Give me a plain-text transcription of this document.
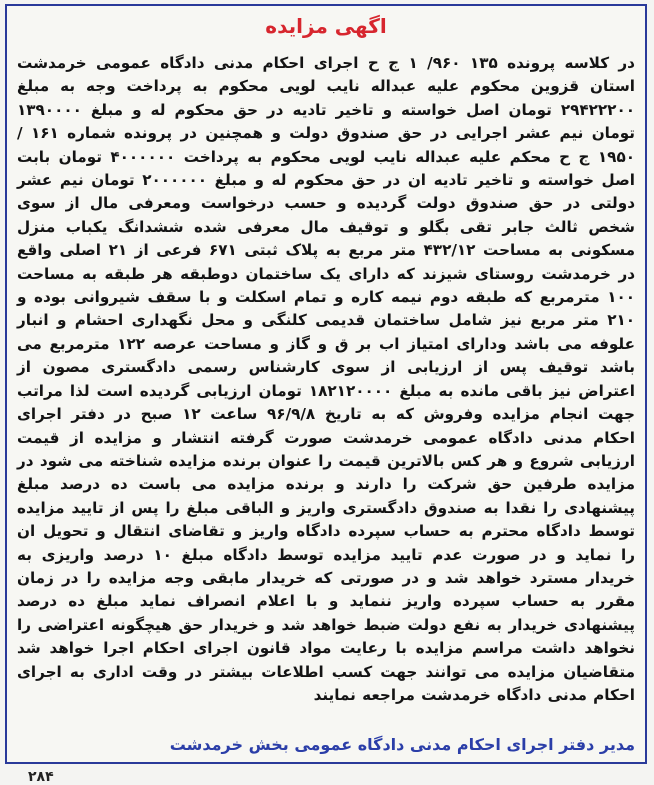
اگهی مزایده
در کلاسه پرونده ۱۳۵ ۹۶۰/ ۱ ج ح اجرای احکام مدنی دادگاه عمومی خرمدشت استان قزوین محکوم علیه عبداله نایب لویی محکوم به پرداخت وجه به مبلغ ۲۹۴۲۲۲۰۰ تومان اصل خواسته و تاخیر تادیه در حق محکوم له و مبلغ ۱۳۹۰۰۰۰ تومان نیم عشر اجرایی در حق صندوق دولت و همچنین در پرونده شماره ۱۶۱ /۱۹۵۰ ج ح محکم علیه عبداله نایب لویی محکوم به پرداخت ۴۰۰۰۰۰۰ تومان بابت اصل خواسته و تاخیر تادیه ان در حق محکوم له و مبلغ ۲۰۰۰۰۰۰ تومان نیم عشر دولتی در حق صندوق دولت گردیده و حسب درخواست ومعرفی مال از سوی شخص ثالث جابر تقی بگلو و توقیف مال معرفی شده ششدانگ یکباب منزل مسکونی به مساحت ۴۳۲/۱۲ متر مربع به پلاک ثبتی ۶۷۱ فرعی از ۲۱ اصلی واقع در خرمدشت روستای شیزند که دارای یک ساختمان دوطبقه هر طبقه به مساحت ۱۰۰ مترمربع که طبقه دوم نیمه کاره و تمام اسکلت و با سقف شیروانی بوده و ۲۱۰ متر مربع نیز شامل ساختمان قدیمی کلنگی و محل نگهداری احشام و انبار علوفه می باشد ودارای امتیاز اب بر ق و گاز و مساحت عرصه ۱۲۲ مترمربع می باشد توقیف پس از ارزیابی از سوی کارشناس رسمی دادگستری مصون از اعتراض نیز باقی مانده به مبلغ ۱۸۲۱۲۰۰۰۰ تومان ارزیابی گردیده است لذا مراتب جهت انجام مزایده وفروش که به تاریخ ۹۶/۹/۸ ساعت ۱۲ صبح در دفتر اجرای احکام مدنی دادگاه عمومی خرمدشت صورت گرفته انتشار و مزایده از قیمت ارزیابی شروع و هر کس بالاترین قیمت را عنوان برنده مزایده شناخته می شود در مزایده طرفین حق شرکت را دارند و برنده مزایده می باست ده درصد مبلغ پیشنهادی را نقدا به صندوق دادگستری واریز و الباقی مبلغ را پس از تایید مزایده توسط دادگاه محترم به حساب سپرده دادگاه واریز و تقاضای انتقال و تحویل ان را نماید و در صورت عدم تایید مزایده توسط دادگاه مبلغ ۱۰ درصد واریزی به خریدار مسترد خواهد شد و در صورتی که خریدار مابقی وجه مزایده را در زمان مقرر به حساب سپرده واریز ننماید و با اعلام انصراف نماید مبلغ ده درصد پیشنهادی خریدار به نفع دولت ضبط خواهد شد و خریدار حق هیچگونه اعتراضی را نخواهد داشت مراسم مزایده با رعایت مواد قانون اجرای احکام اجرا خواهد شد متقاضیان مزایده می توانند جهت کسب اطلاعات بیشتر در وقت اداری به اجرای احکام مدنی دادگاه خرمدشت مراجعه نمایند
مدیر دفتر اجرای احکام مدنی دادگاه عمومی بخش خرمدشت
